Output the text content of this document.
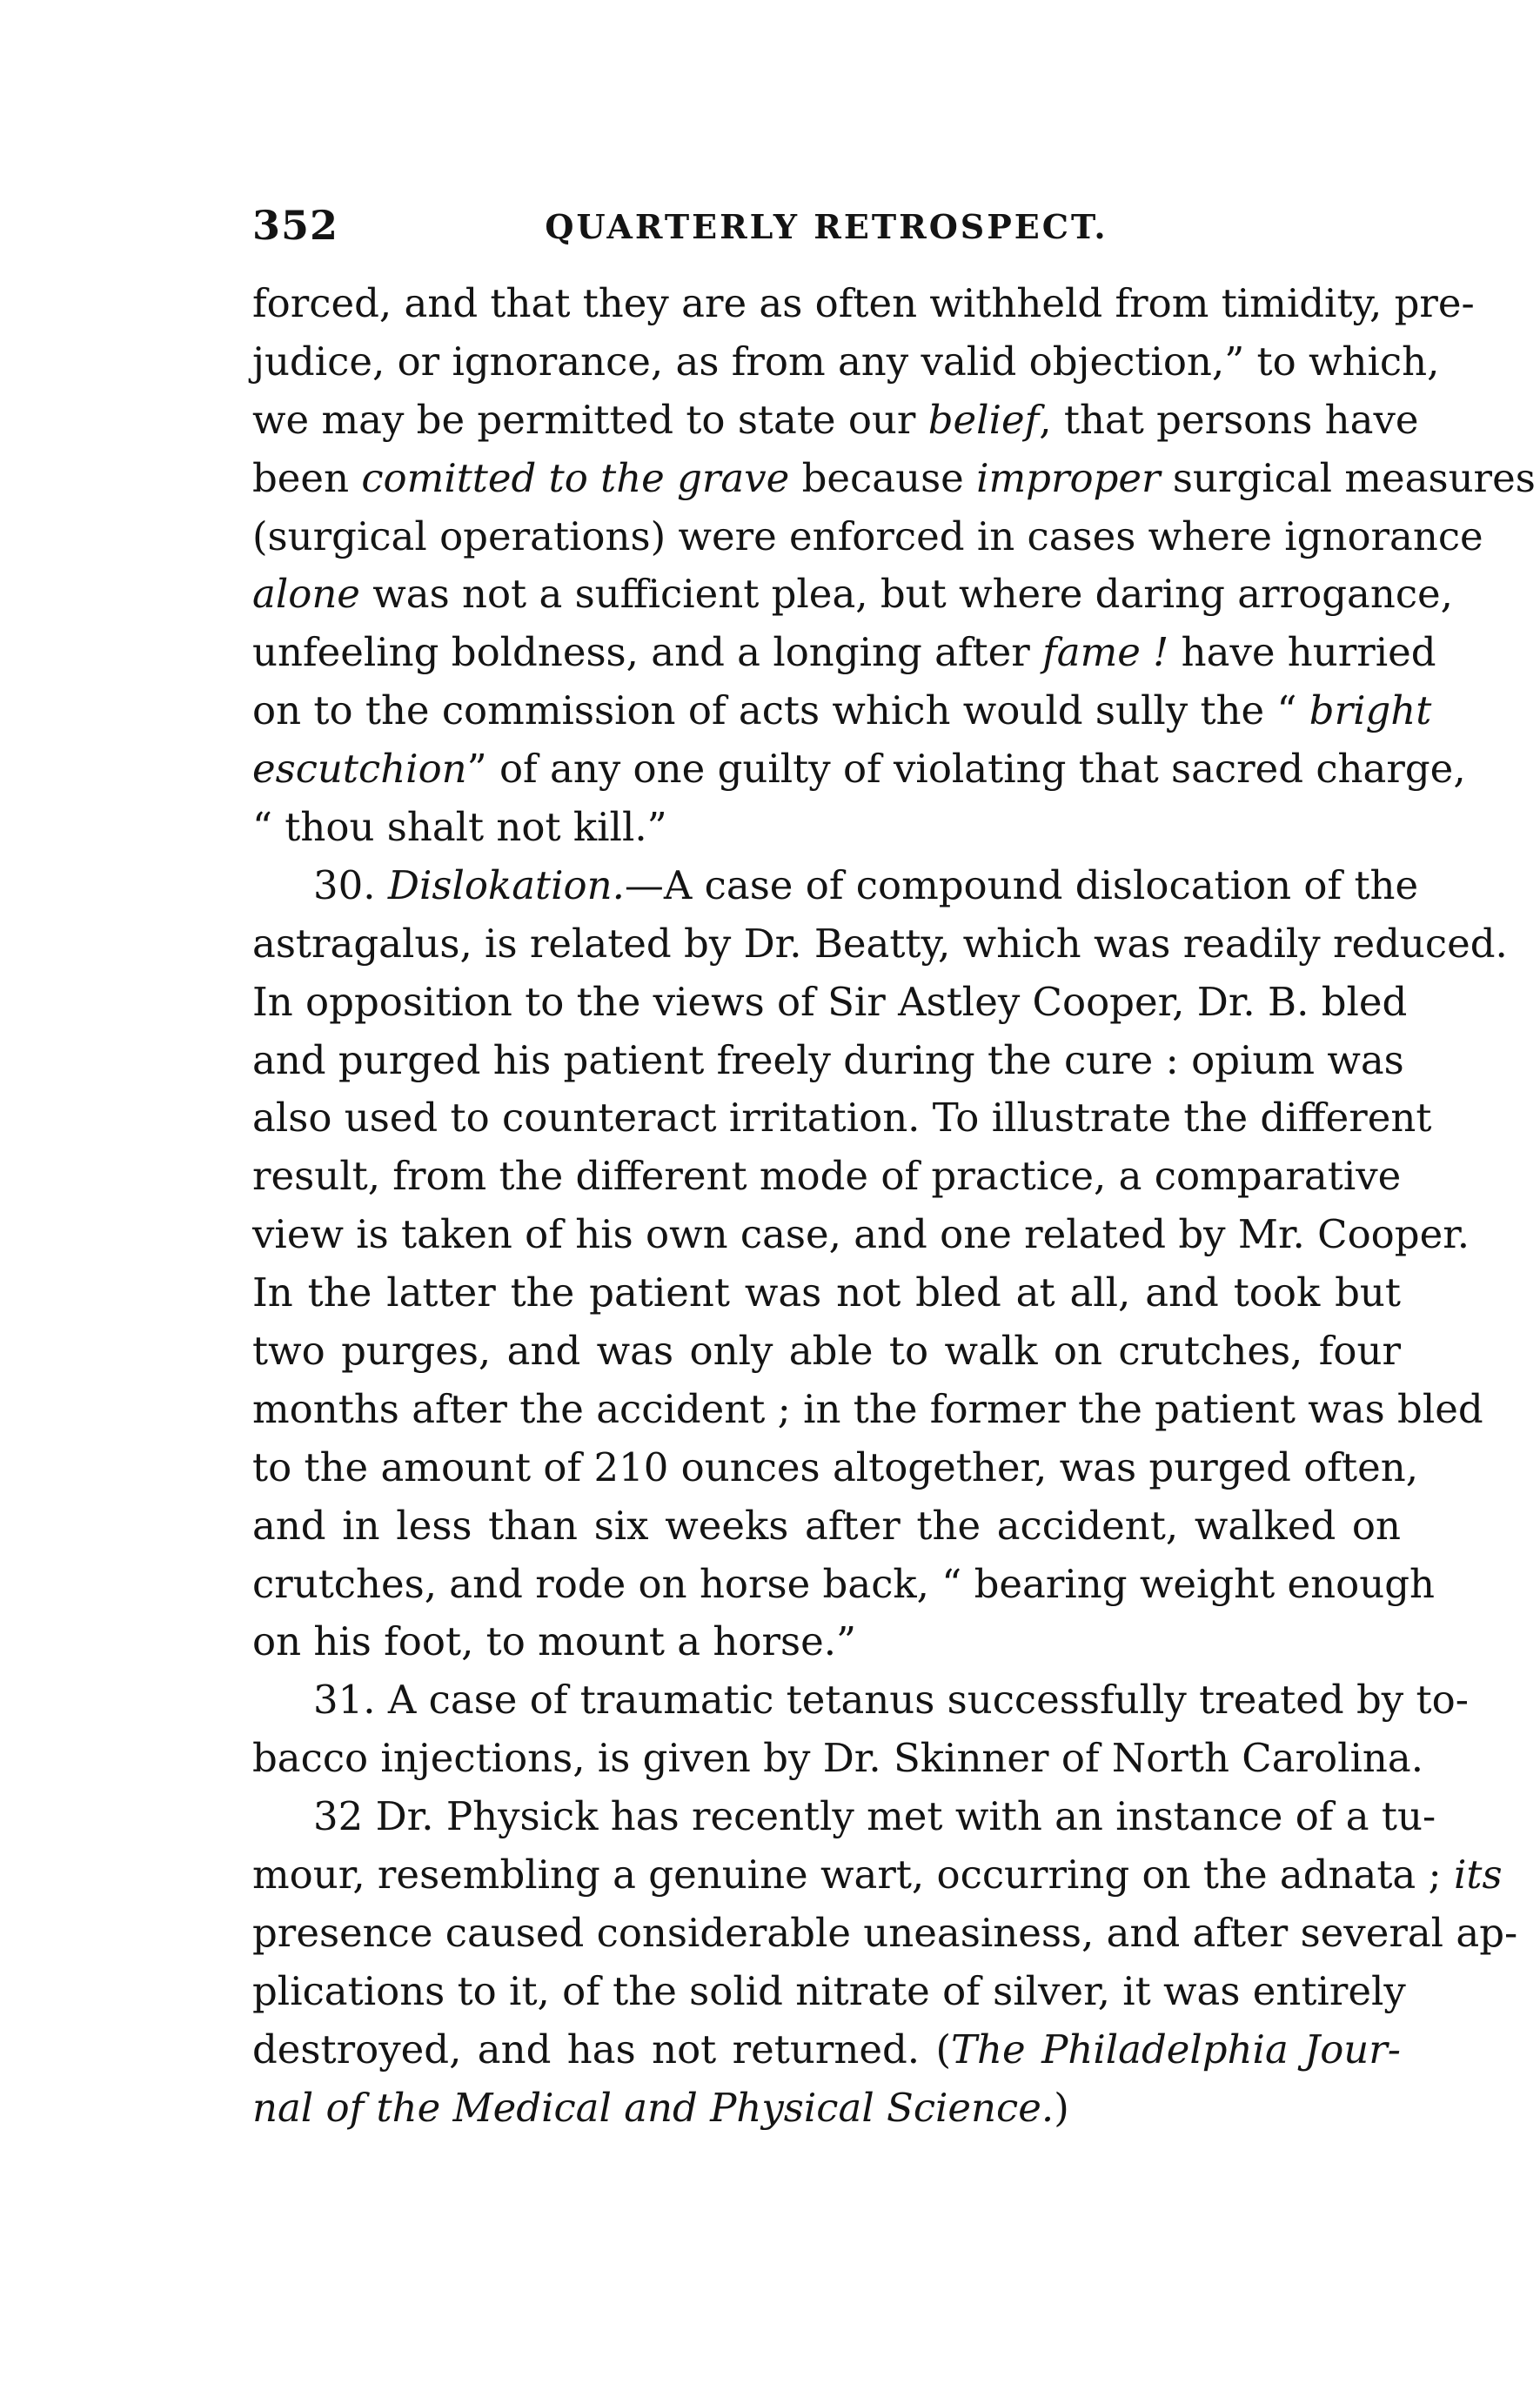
352	QUARTERLY RETROSPECT.
forced, and that they are as often withheld from timidity, pre-
judice, or ignorance, as from any valid objection,” to which,
we may be permitted to state our belief, that persons have
been comitted to the grave because improper surgical measures
(surgical operations) were enforced in cases where ignorance
alone was not a sufficient plea, but where daring arrogance,
unfeeling boldness, and a longing after fame ! have hurried
on to the commission of acts which would sully the “ bright
escutchion” of any one guilty of violating that sacred charge,
“ thou shalt not kill.”
30. Dislokation.—A case of compound dislocation of the
astragalus, is related by Dr. Beatty, which was readily reduced.
In opposition to the views of Sir Astley Cooper, Dr. B. bled
and purged his patient freely during the cure : opium was
also used to counteract irritation. To illustrate the different
result, from the different mode of practice, a comparative
view is taken of his own case, and one related by Mr. Cooper.
In the latter the patient was not bled at all, and took but
two purges, and was only able to walk on crutches, four
months after the accident ; in the former the patient was bled
to the amount of 210 ounces altogether, was purged often,
and in less than six weeks after the accident, walked on
crutches, and rode on horse back, “ bearing weight enough
on his foot, to mount a horse.”
31. A case of traumatic tetanus successfully treated by to-
bacco injections, is given by Dr. Skinner of North Carolina.
32 Dr. Physick has recently met with an instance of a tu-
mour, resembling a genuine wart, occurring on the adnata ; its
presence caused considerable uneasiness, and after several ap-
plications to it, of the solid nitrate of silver, it was entirely
destroyed, and has not returned. (The Philadelphia Jour-
nal of the Medical and Physical Science.)
